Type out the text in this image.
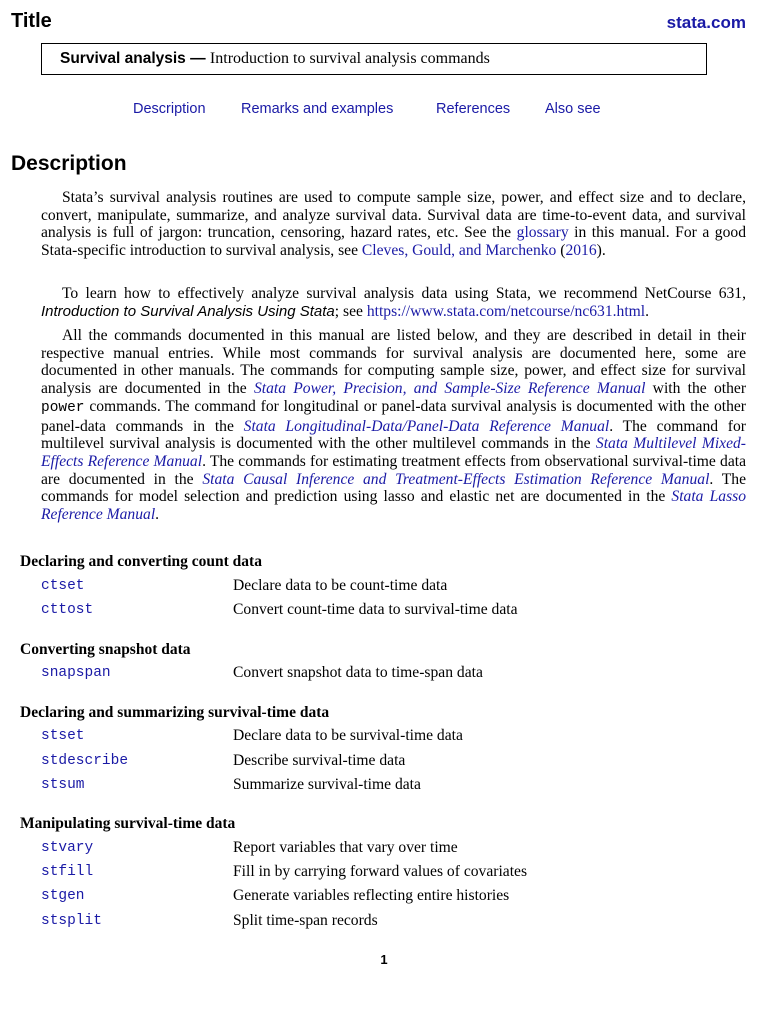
Title	stata.com
Survival analysis — Introduction to survival analysis commands
Description Remarks and examples	References Also see
Description
Stata’s survival analysis routines are used to compute sample size, power, and effect size and to declare, convert, manipulate, summarize, and analyze survival data. Survival data are time-to-event data, and survival analysis is full of jargon: truncation, censoring, hazard rates, etc. See the glossary in this manual. For a good Stata-specific introduction to survival analysis, see Cleves, Gould, and Marchenko (2016).
To learn how to effectively analyze survival analysis data using Stata, we recommend NetCourse 631, Introduction to Survival Analysis Using Stata; see https://www.stata.com/netcourse/nc631.html.
All the commands documented in this manual are listed below, and they are described in detail in their respective manual entries. While most commands for survival analysis are documented here, some are documented in other manuals. The commands for computing sample size, power, and effect size for survival analysis are documented in the Stata Power, Precision, and Sample-Size Reference Manual with the other power commands. The command for longitudinal or panel-data survival analysis is documented with the other panel-data commands in the Stata Longitudinal-Data/Panel-Data Reference Manual. The command for multilevel survival analysis is documented with the other multilevel commands in the Stata Multilevel Mixed-Effects Reference Manual. The commands for estimating treatment effects from observational survival-time data are documented in the Stata Causal Inference and Treatment-Effects Estimation Reference Manual. The commands for model selection and prediction using lasso and elastic net are documented in the Stata Lasso Reference Manual.
Declaring and converting count data
ctset	Declare data to be count-time data
cttost	Convert count-time data to survival-time data
Converting snapshot data
snapspan	Convert snapshot data to time-span data
Declaring and summarizing survival-time data
stset	Declare data to be survival-time data
stdescribe	Describe survival-time data
stsum	Summarize survival-time data
Manipulating survival-time data
stvary	Report variables that vary over time
stfill	Fill in by carrying forward values of covariates
stgen	Generate variables reflecting entire histories
stsplit	Split time-span records
1
